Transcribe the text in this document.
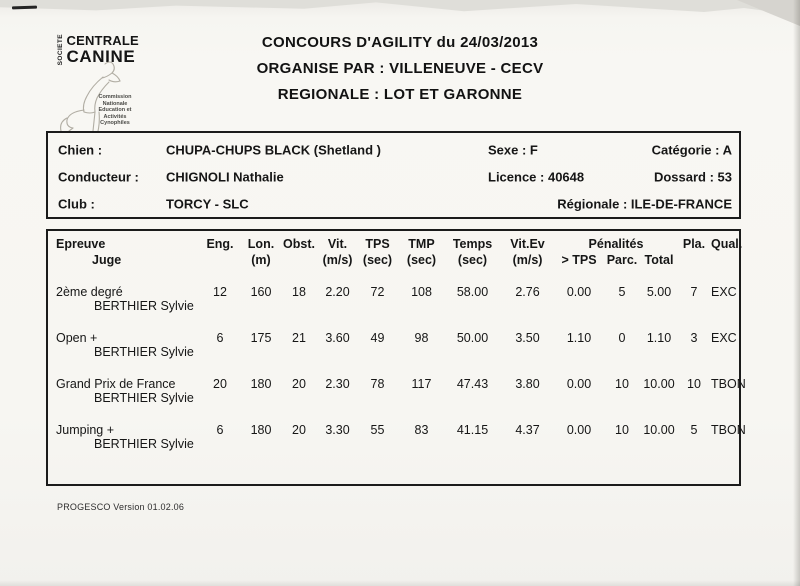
SOCIETE CENTRALE
CANINE
Commission
Nationale
Education et
Activités
Cynophiles
CONCOURS D'AGILITY du 24/03/2013
ORGANISE PAR : VILLENEUVE - CECV
REGIONALE : LOT ET GARONNE
Chien :	CHUPA-CHUPS BLACK (Shetland )	Sexe : F	Catégorie : A
Conducteur : CHIGNOLI Nathalie	Licence : 40648	Dossard : 53
Club :	TORCY - SLC	Régionale : ILE-DE-FRANCE
Epreuve	Eng.	Lon.	Obst.	Vit.	TPS	TMP	Temps	Vit.Ev	Pénalités			Pla.	Qual.
Juge		(m)		(m/s)	(sec)	(sec)	(sec)	(m/s)	> TPS	Parc.	Total		
2ème degré	12	160	18	2.20	72	108	58.00	2.76	0.00	5	5.00	7	EXC
BERTHIER Sylvie													
Open +	6	175	21	3.60	49	98	50.00	3.50	1.10	0	1.10	3	EXC
BERTHIER Sylvie													
Grand Prix de France	20	180	20	2.30	78	117	47.43	3.80	0.00	10	10.00	10	TBON
BERTHIER Sylvie													
Jumping +	6	180	20	3.30	55	83	41.15	4.37	0.00	10	10.00	5	TBON
BERTHIER Sylvie													
PROGESCO Version 01.02.06
